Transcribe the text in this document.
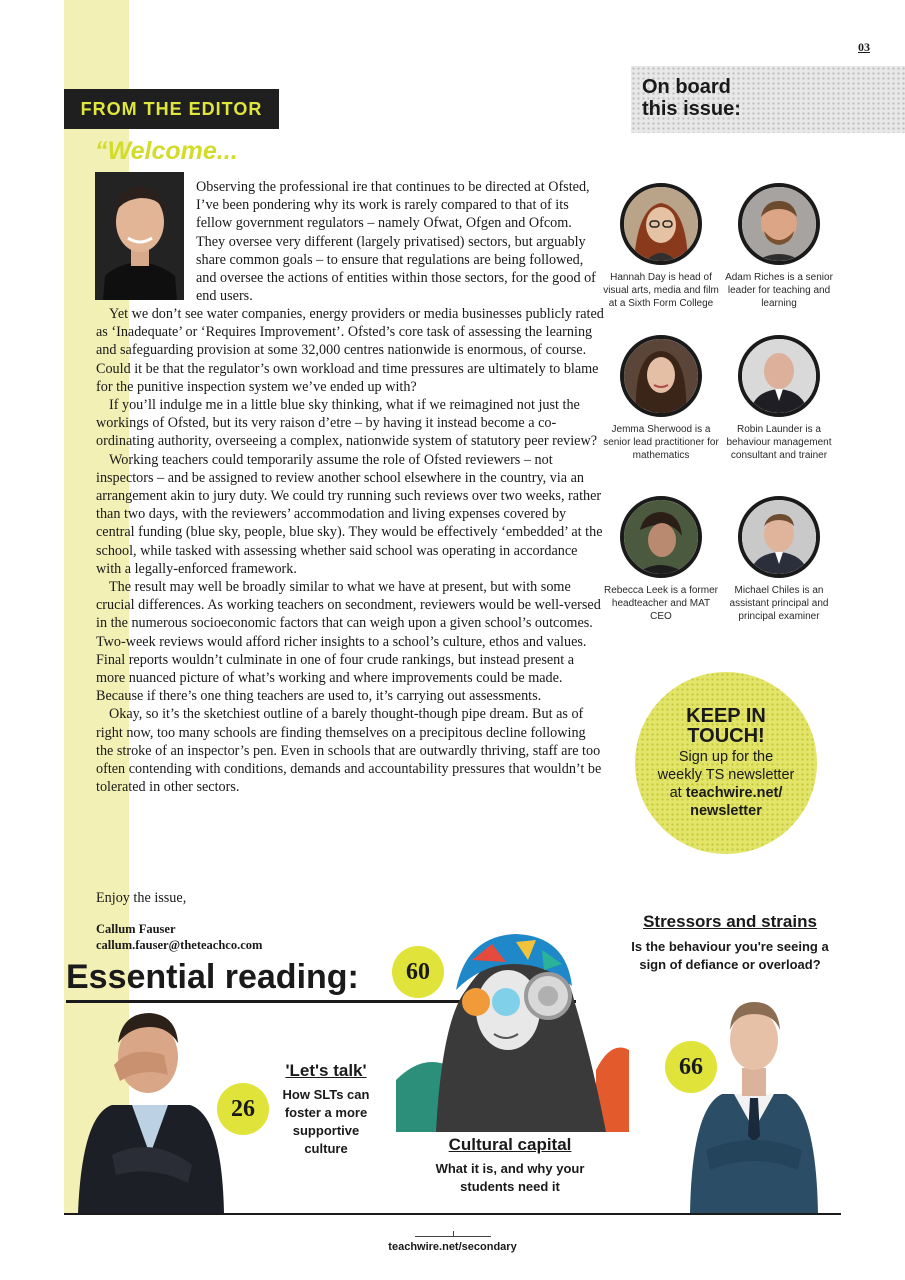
03
FROM THE EDITOR
“Welcome...
Observing the professional ire that continues to be directed at Ofsted, I’ve been pondering why its work is rarely compared to that of its fellow government regulators – namely Ofwat, Ofgen and Ofcom. They oversee very different (largely privatised) sectors, but arguably share common goals – to ensure that regulations are being followed, and oversee the actions of entities within those sectors, for the good of end users.

Yet we don’t see water companies, energy providers or media businesses publicly rated as ‘Inadequate’ or ‘Requires Improvement’. Ofsted’s core task of assessing the learning and safeguarding provision at some 32,000 centres nationwide is enormous, of course. Could it be that the regulator’s own workload and time pressures are ultimately to blame for the punitive inspection system we’ve ended up with?

If you’ll indulge me in a little blue sky thinking, what if we reimagined not just the workings of Ofsted, but its very raison d’etre – by having it instead become a co-ordinating authority, overseeing a complex, nationwide system of statutory peer review?

Working teachers could temporarily assume the role of Ofsted reviewers – not inspectors – and be assigned to review another school elsewhere in the country, via an arrangement akin to jury duty. We could try running such reviews over two weeks, rather than two days, with the reviewers’ accommodation and living expenses covered by central funding (blue sky, people, blue sky). They would be effectively ‘embedded’ at the school, while tasked with assessing whether said school was operating in accordance with a legally-enforced framework.

The result may well be broadly similar to what we have at present, but with some crucial differences. As working teachers on secondment, reviewers would be well-versed in the numerous socioeconomic factors that can weigh upon a given school’s outcomes. Two-week reviews would afford richer insights to a school’s culture, ethos and values. Final reports wouldn’t culminate in one of four crude rankings, but instead present a more nuanced picture of what’s working and where improvements could be made. Because if there’s one thing teachers are used to, it’s carrying out assessments.

Okay, so it’s the sketchiest outline of a barely thought-though pipe dream. But as of right now, too many schools are finding themselves on a precipitous decline following the stroke of an inspector’s pen. Even in schools that are outwardly thriving, staff are too often contending with conditions, demands and accountability pressures that wouldn’t be tolerated in other sectors.

Enjoy the issue,
Callum Fauser
callum.fauser@theteachco.com
On board
this issue:
Hannah Day is head of visual arts, media and film at a Sixth Form College
Adam Riches is a senior leader for teaching and learning
Jemma Sherwood is a senior lead practitioner for mathematics
Robin Launder is a behaviour management consultant and trainer
Rebecca Leek is a former headteacher and MAT CEO
Michael Chiles is an assistant principal and principal examiner
KEEP IN
TOUCH!
Sign up for the
weekly TS newsletter
at teachwire.net/
newsletter
Essential reading:
26
'Let's talk'
How SLTs can foster a more supportive culture
60
Cultural capital
What it is, and why your students need it
66
Stressors and strains
Is the behaviour you're seeing a sign of defiance or overload?
teachwire.net/secondary
